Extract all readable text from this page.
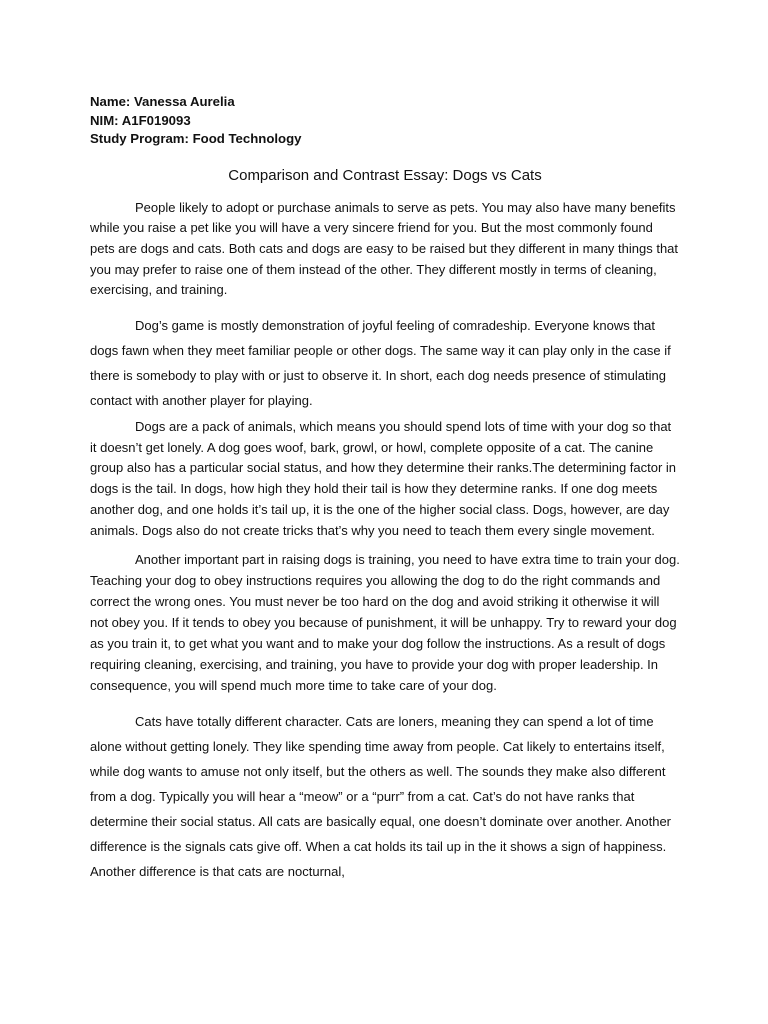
Name: Vanessa Aurelia
NIM: A1F019093
Study Program: Food Technology
Comparison and Contrast Essay: Dogs vs Cats

People likely to adopt or purchase animals to serve as pets. You may also have many benefits while you raise a pet like you will have a very sincere friend for you. But the most commonly found pets are dogs and cats. Both cats and dogs are easy to be raised but they different in many things that you may prefer to raise one of them instead of the other. They different mostly in terms of cleaning, exercising, and training.

Dog’s game is mostly demonstration of joyful feeling of comradeship. Everyone knows that dogs fawn when they meet familiar people or other dogs. The same way it can play only in the case if there is somebody to play with or just to observe it. In short, each dog needs presence of stimulating contact with another player for playing.

Dogs are a pack of animals, which means you should spend lots of time with your dog so that it doesn’t get lonely. A dog goes woof, bark, growl, or howl, complete opposite of a cat. The canine group also has a particular social status, and how they determine their ranks.The determining factor in dogs is the tail. In dogs, how high they hold their tail is how they determine ranks. If one dog meets another dog, and one holds it’s tail up, it is the one of the higher social class. Dogs, however, are day animals. Dogs also do not create tricks that’s why you need to teach them every single movement.

Another important part in raising dogs is training, you need to have extra time to train your dog. Teaching your dog to obey instructions requires you allowing the dog to do the right commands and correct the wrong ones. You must never be too hard on the dog and avoid striking it otherwise it will not obey you. If it tends to obey you because of punishment, it will be unhappy. Try to reward your dog as you train it, to get what you want and to make your dog follow the instructions. As a result of dogs requiring cleaning, exercising, and training, you have to provide your dog with proper leadership. In consequence, you will spend much more time to take care of your dog.

Cats have totally different character. Cats are loners, meaning they can spend a lot of time alone without getting lonely. They like spending time away from people. Cat likely to entertains itself, while dog wants to amuse not only itself, but the others as well. The sounds they make also different from a dog. Typically you will hear a “meow” or a “purr” from a cat. Cat’s do not have ranks that determine their social status. All cats are basically equal, one doesn’t dominate over another. Another difference is the signals cats give off. When a cat holds its tail up in the it shows a sign of happiness. Another difference is that cats are nocturnal,
